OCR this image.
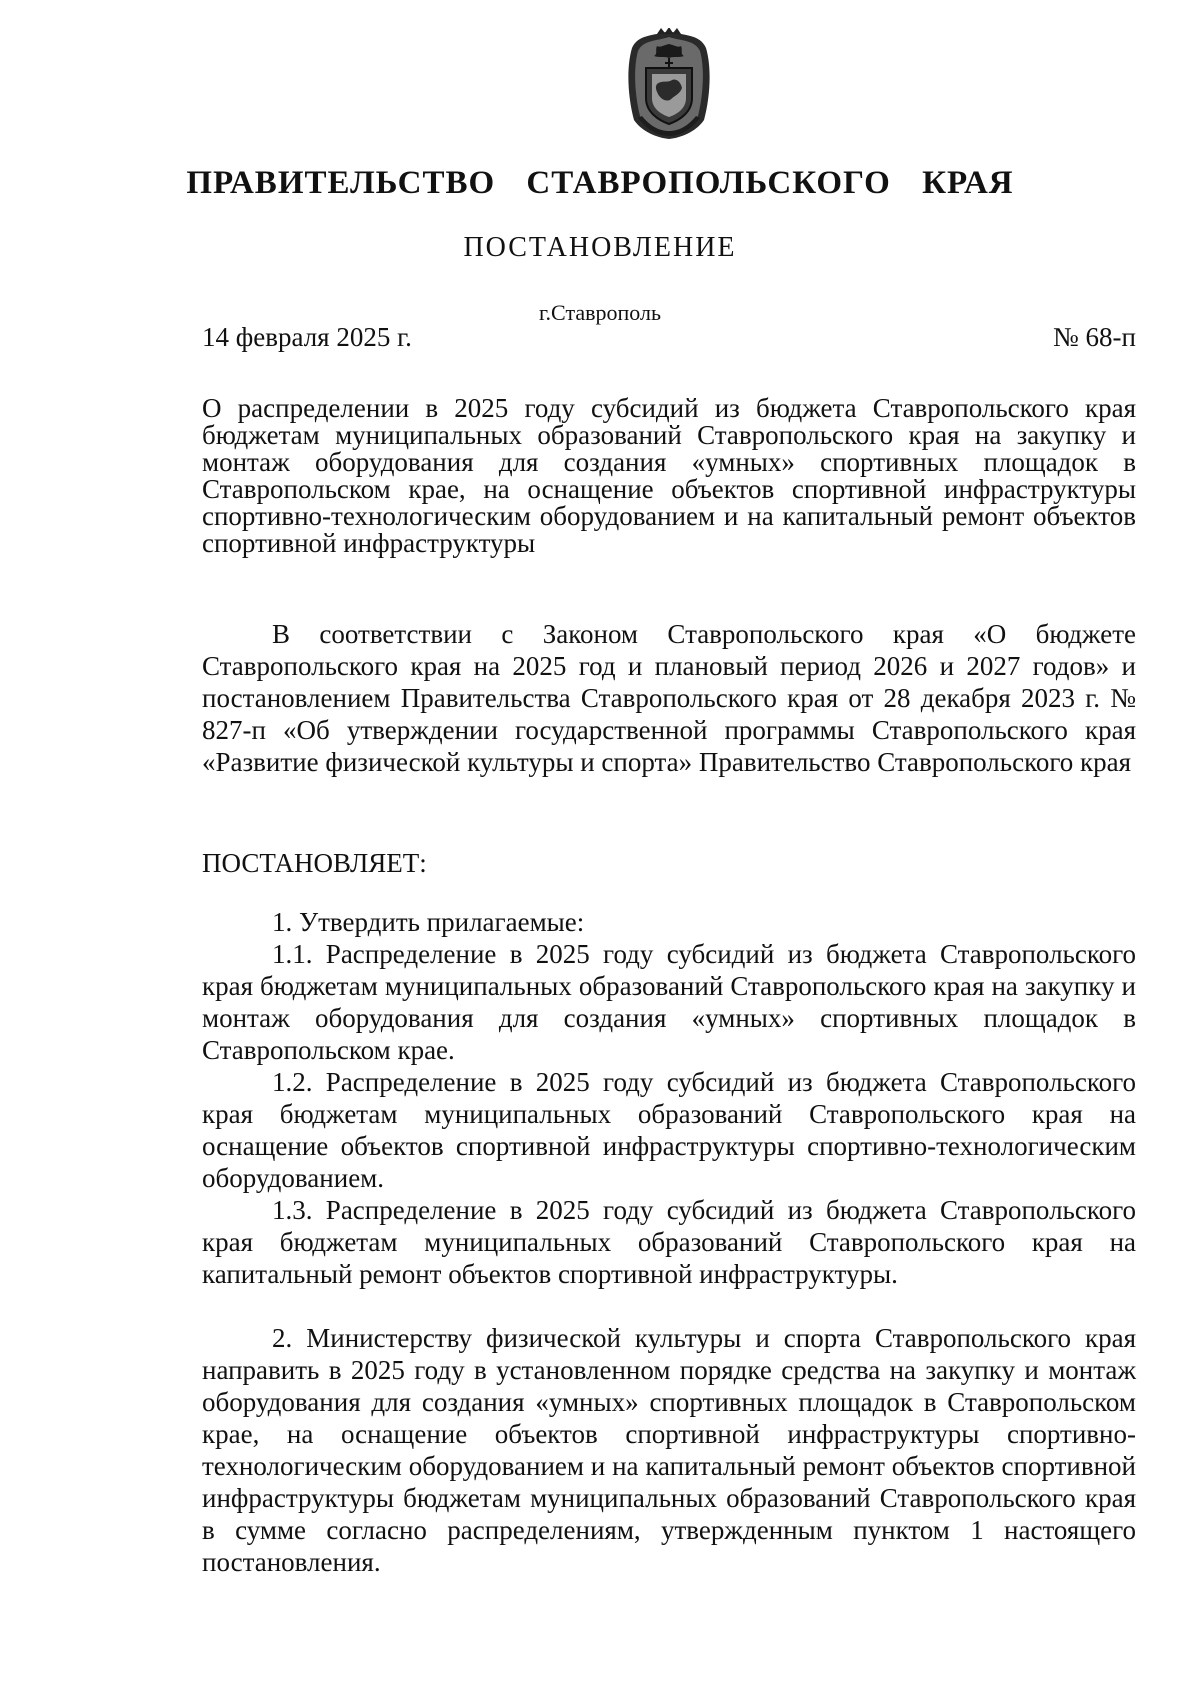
ПРАВИТЕЛЬСТВО СТАВРОПОЛЬСКОГО КРАЯ
ПОСТАНОВЛЕНИЕ
г.Ставрополь
14 февраля 2025 г.	№ 68-п
О распределении в 2025 году субсидий из бюджета Ставропольского края бюджетам муниципальных образований Ставропольского края на закупку и монтаж оборудования для создания «умных» спортивных площадок в Ставропольском крае, на оснащение объектов спортивной инфраструктуры спортивно-технологическим оборудованием и на капитальный ремонт объектов спортивной инфраструктуры

В соответствии с Законом Ставропольского края «О бюджете Ставропольского края на 2025 год и плановый период 2026 и 2027 годов» и постановлением Правительства Ставропольского края от 28 декабря 2023 г. № 827-п «Об утверждении государственной программы Ставропольского края «Развитие физической культуры и спорта» Правительство Ставропольского края

ПОСТАНОВЛЯЕТ:

1. Утвердить прилагаемые:

1.1. Распределение в 2025 году субсидий из бюджета Ставропольского края бюджетам муниципальных образований Ставропольского края на закупку и монтаж оборудования для создания «умных» спортивных площадок в Ставропольском крае.

1.2. Распределение в 2025 году субсидий из бюджета Ставропольского края бюджетам муниципальных образований Ставропольского края на оснащение объектов спортивной инфраструктуры спортивно-технологическим оборудованием.

1.3. Распределение в 2025 году субсидий из бюджета Ставропольского края бюджетам муниципальных образований Ставропольского края на капитальный ремонт объектов спортивной инфраструктуры.

2. Министерству физической культуры и спорта Ставропольского края направить в 2025 году в установленном порядке средства на закупку и монтаж оборудования для создания «умных» спортивных площадок в Ставропольском крае, на оснащение объектов спортивной инфраструктуры спортивно-технологическим оборудованием и на капитальный ремонт объектов спортивной инфраструктуры бюджетам муниципальных образований Ставропольского края в сумме согласно распределениям, утвержденным пунктом 1 настоящего постановления.
